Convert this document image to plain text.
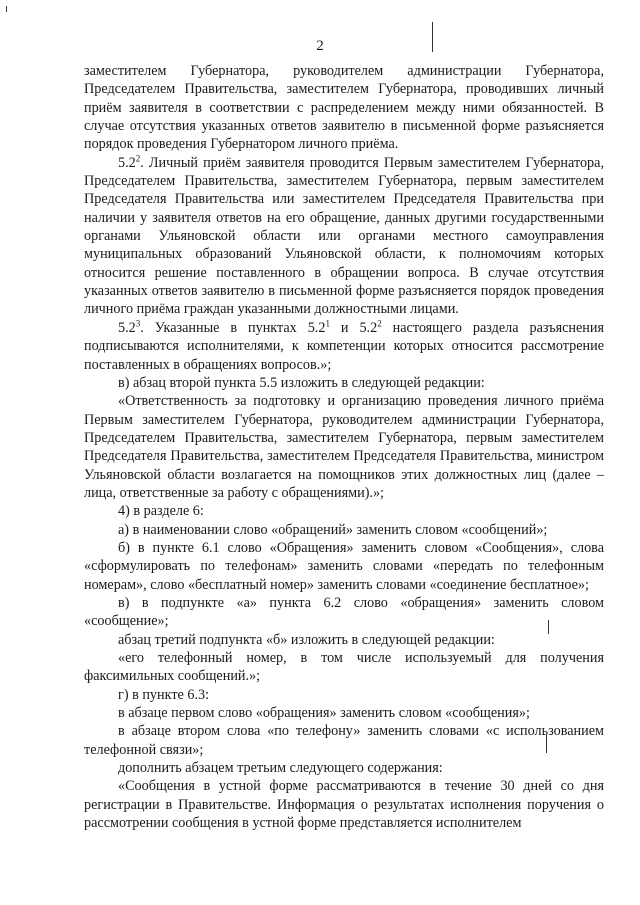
2

заместителем Губернатора, руководителем администрации Губернатора, Председателем Правительства, заместителем Губернатора, проводивших личный приём заявителя в соответствии с распределением между ними обязанностей. В случае отсутствия указанных ответов заявителю в письменной форме разъясняется порядок проведения Губернатором личного приёма.

$5.2^2$. Личный приём заявителя проводится Первым заместителем Губернатора, Председателем Правительства, заместителем Губернатора, первым заместителем Председателя Правительства или заместителем Председателя Правительства при наличии у заявителя ответов на его обращение, данных другими государственными органами Ульяновской области или органами местного самоуправления муниципальных образований Ульяновской области, к полномочиям которых относится решение поставленного в обращении вопроса. В случае отсутствия указанных ответов заявителю в письменной форме разъясняется порядок проведения личного приёма граждан указанными должностными лицами.

$5.2^3$. Указанные в пунктах $5.2^1$ и $5.2^2$ настоящего раздела разъяснения подписываются исполнителями, к компетенции которых относится рассмотрение поставленных в обращениях вопросов.»;

в) абзац второй пункта 5.5 изложить в следующей редакции:

«Ответственность за подготовку и организацию проведения личного приёма Первым заместителем Губернатора, руководителем администрации Губернатора, Председателем Правительства, заместителем Губернатора, первым заместителем Председателя Правительства, заместителем Председателя Правительства, министром Ульяновской области возлагается на помощников этих должностных лиц (далее – лица, ответственные за работу с обращениями).»;

4) в разделе 6:

а) в наименовании слово «обращений» заменить словом «сообщений»;

б) в пункте 6.1 слово «Обращения» заменить словом «Сообщения», слова «сформулировать по телефонам» заменить словами «передать по телефонным номерам», слово «бесплатный номер» заменить словами «соединение бесплатное»;

в) в подпункте «а» пункта 6.2 слово «обращения» заменить словом «сообщение»;

абзац третий подпункта «б» изложить в следующей редакции:

«его телефонный номер, в том числе используемый для получения факсимильных сообщений.»;

г) в пункте 6.3:

в абзаце первом слово «обращения» заменить словом «сообщения»;

в абзаце втором слова «по телефону» заменить словами «с использованием телефонной связи»;

дополнить абзацем третьим следующего содержания:

«Сообщения в устной форме рассматриваются в течение 30 дней со дня регистрации в Правительстве. Информация о результатах исполнения поручения о рассмотрении сообщения в устной форме представляется исполнителем
